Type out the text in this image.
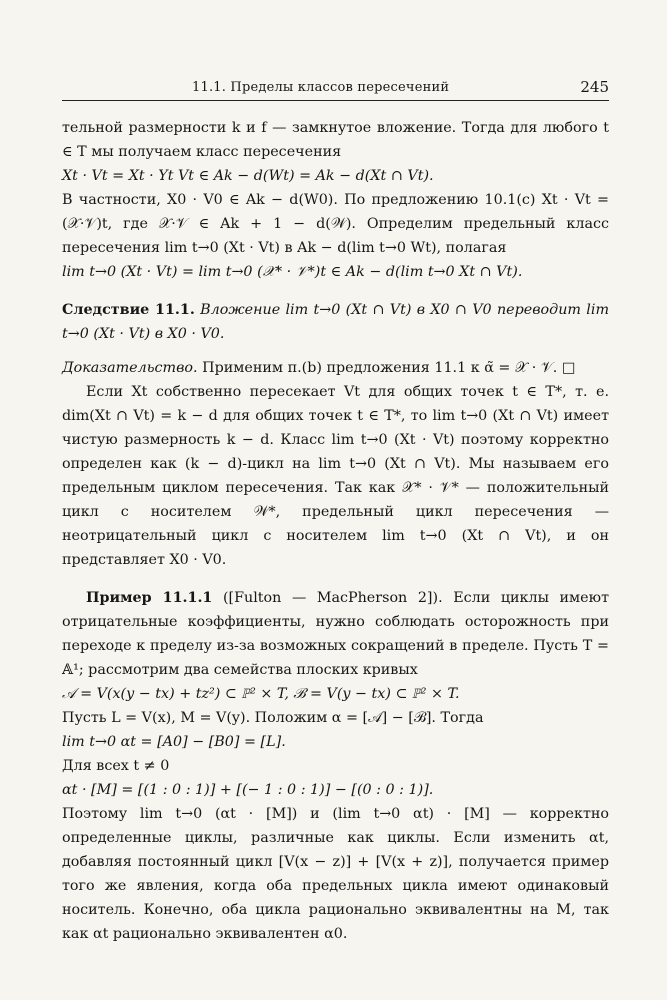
11.1. Пределы классов пересечений	245

тельной размерности k и f — замкнутое вложение. Тогда для любого t ∈ T мы получаем класс пересечения

Xt · Vt = Xt · Yt Vt ∈ Ak − d(Wt) = Ak − d(Xt ∩ Vt).

В частности, X0 · V0 ∈ Ak − d(W0). По предложению 10.1(c) Xt · Vt = (𝒳·𝒱)t, где 𝒳·𝒱 ∈ Ak + 1 − d(𝒲). Определим предельный класс пересечения lim t→0 (Xt · Vt) в Ak − d(lim t→0 Wt), полагая

lim t→0 (Xt · Vt) = lim t→0 (𝒳* · 𝒱*)t ∈ Ak − d(lim t→0 Xt ∩ Vt).

Следствие 11.1. Вложение lim t→0 (Xt ∩ Vt) в X0 ∩ V0 переводит lim t→0 (Xt · Vt) в X0 · V0.

Доказательство. Применим п.(b) предложения 11.1 к α̃ = 𝒳 · 𝒱. □

Если Xt собственно пересекает Vt для общих точек t ∈ T*, т. е. dim(Xt ∩ Vt) = k − d для общих точек t ∈ T*, то lim t→0 (Xt ∩ Vt) имеет чистую размерность k − d. Класс lim t→0 (Xt · Vt) поэтому корректно определен как (k − d)-цикл на lim t→0 (Xt ∩ Vt). Мы называем его предельным циклом пересечения. Так как 𝒳* · 𝒱* — положительный цикл с носителем 𝒲*, предельный цикл пересечения — неотрицательный цикл с носителем lim t→0 (Xt ∩ Vt), и он представляет X0 · V0.

Пример 11.1.1 ([Fulton — MacPherson 2]). Если циклы имеют отрицательные коэффициенты, нужно соблюдать осторожность при переходе к пределу из-за возможных сокращений в пределе. Пусть T = 𝔸¹; рассмотрим два семейства плоских кривых

𝒜 = V(x(y − tx) + tz²) ⊂ ℙ² × T, ℬ = V(y − tx) ⊂ ℙ² × T.

Пусть L = V(x), M = V(y). Положим α = [𝒜] − [ℬ]. Тогда

lim t→0 αt = [A0] − [B0] = [L].

Для всех t ≠ 0

αt · [M] = [(1 : 0 : 1)] + [(− 1 : 0 : 1)] − [(0 : 0 : 1)].

Поэтому lim t→0 (αt · [M]) и (lim t→0 αt) · [M] — корректно определенные циклы, различные как циклы. Если изменить αt, добавляя постоянный цикл [V(x − z)] + [V(x + z)], получается пример того же явления, когда оба предельных цикла имеют одинаковый носитель. Конечно, оба цикла рационально эквивалентны на M, так как αt рационально эквивалентен α0.
